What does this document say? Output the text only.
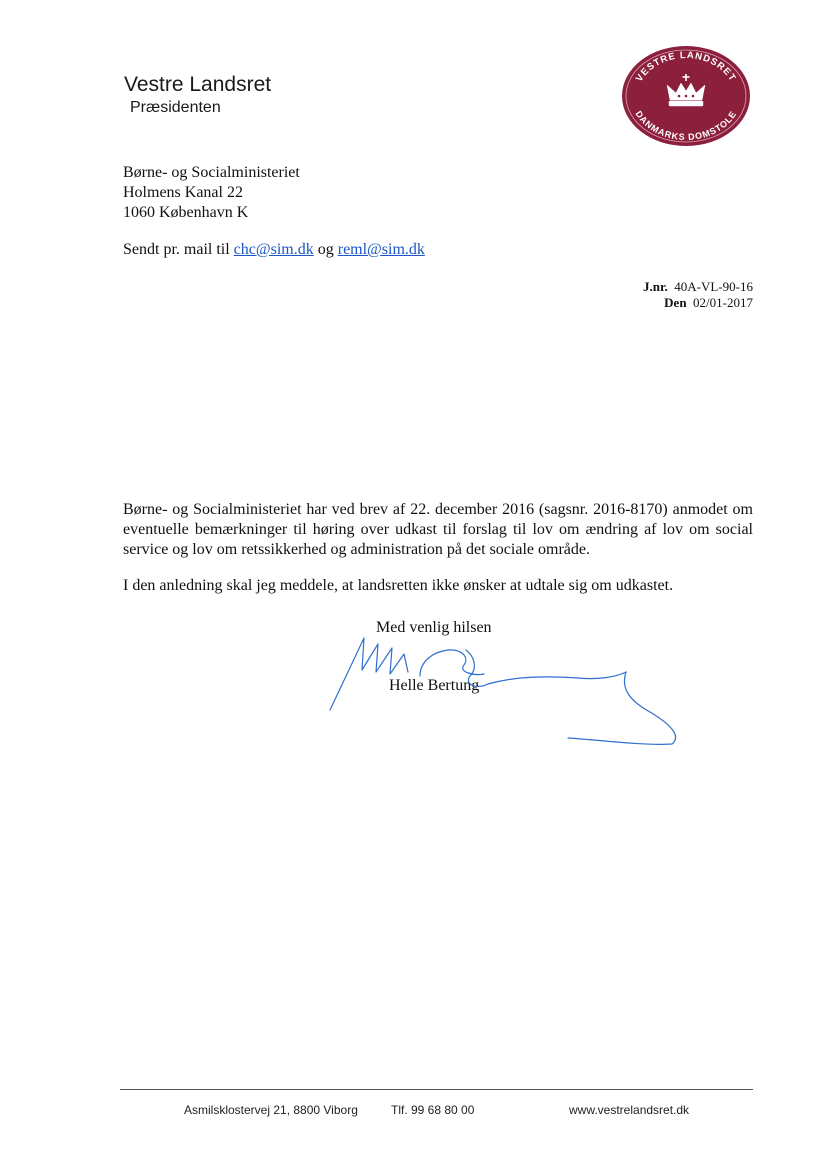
Vestre Landsret
Præsidenten
VESTRE LANDSRET
DANMARKS DOMSTOLE
Børne- og Socialministeriet
Holmens Kanal 22
1060 København K
Sendt pr. mail til chc@sim.dk og reml@sim.dk
J.nr. 40A-VL-90-16
Den 02/01-2017

Børne- og Socialministeriet har ved brev af 22. december 2016 (sagsnr. 2016-8170) anmodet om eventuelle bemærkninger til høring over udkast til forslag til lov om ændring af lov om social service og lov om retssikkerhed og administration på det sociale område.

I den anledning skal jeg meddele, at landsretten ikke ønsker at udtale sig om udkastet.

Med venlig hilsen
Helle Bertung
Asmilsklostervej 21, 8800 Viborg	Tlf. 99 68 80 00	www.vestrelandsret.dk
